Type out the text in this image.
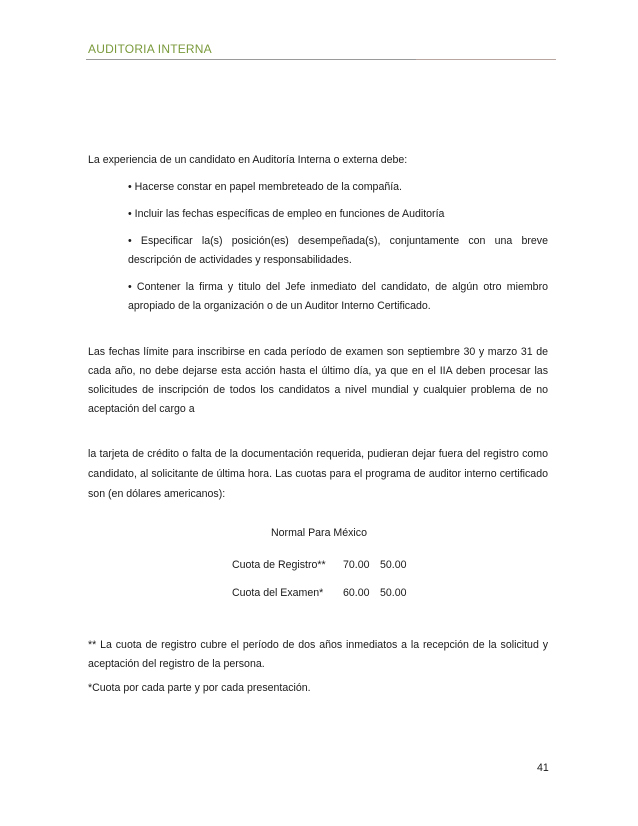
AUDITORIA INTERNA

La experiencia de un candidato en Auditoría Interna o externa debe:

• Hacerse constar en papel membreteado de la compañía.

• Incluir las fechas específicas de empleo en funciones de Auditoría

• Especificar la(s) posición(es) desempeñada(s), conjuntamente con una breve descripción de actividades y responsabilidades.

• Contener la firma y titulo del Jefe inmediato del candidato, de algún otro miembro apropiado de la organización o de un Auditor Interno Certificado.

Las fechas límite para inscribirse en cada período de examen son septiembre 30 y marzo 31 de cada año, no debe dejarse esta acción hasta el último día, ya que en el IIA deben procesar las solicitudes de inscripción de todos los candidatos a nivel mundial y cualquier problema de no aceptación del cargo a

la tarjeta de crédito o falta de la documentación requerida, pudieran dejar fuera del registro como candidato, al solicitante de última hora. Las cuotas para el programa de auditor interno certificado son (en dólares americanos):

Normal Para México
Cuota de Registro** 70.00 50.00
Cuota del Examen* 60.00 50.00

** La cuota de registro cubre el período de dos años inmediatos a la recepción de la solicitud y aceptación del registro de la persona.

*Cuota por cada parte y por cada presentación.

41
